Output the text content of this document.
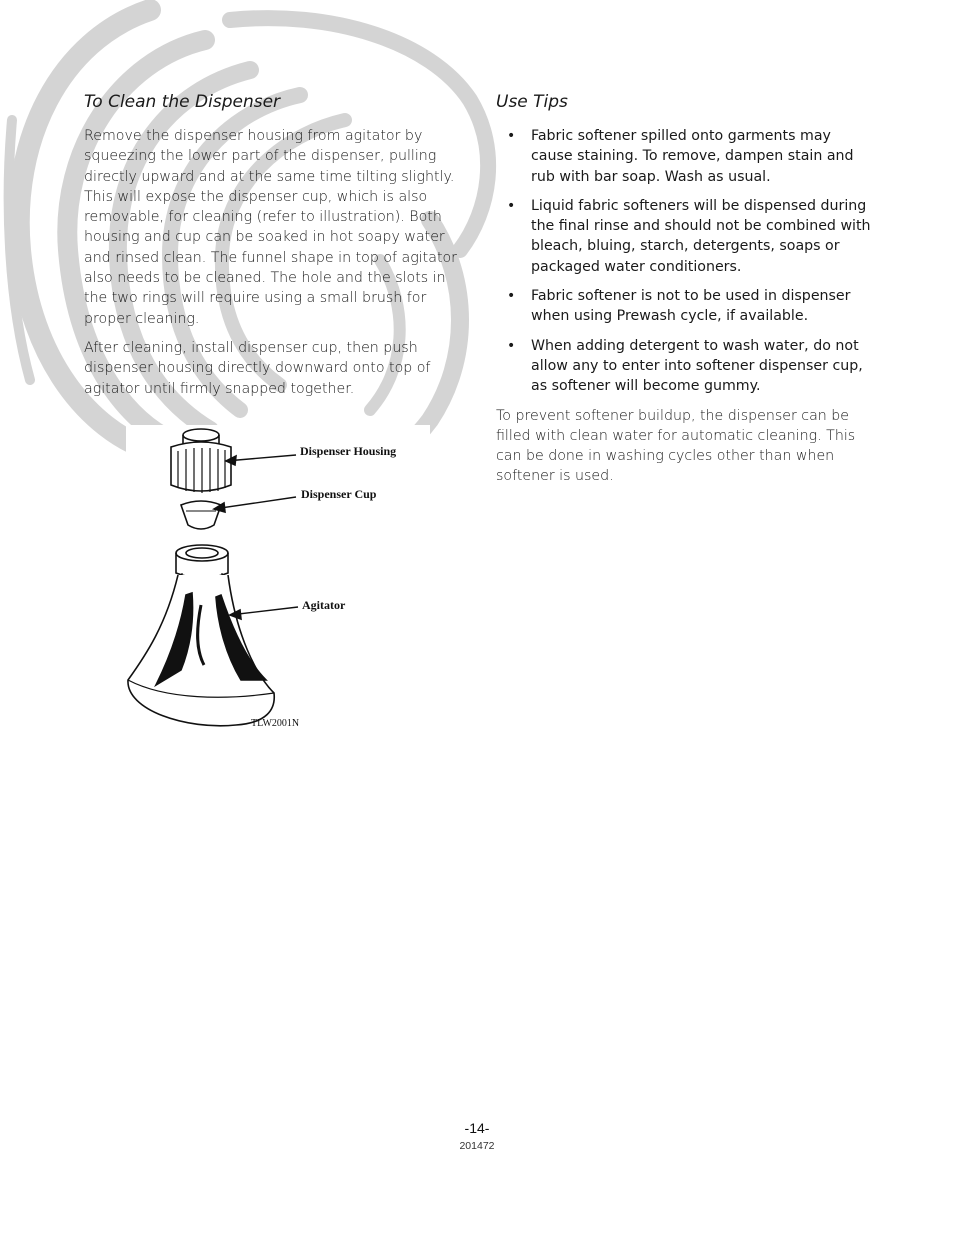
To Clean the Dispenser

Remove the dispenser housing from agitator by squeezing the lower part of the dispenser, pulling directly upward and at the same time tilting slightly. This will expose the dispenser cup, which is also removable, for cleaning (refer to illustration). Both housing and cup can be soaked in hot soapy water and rinsed clean. The funnel shape in top of agitator also needs to be cleaned. The hole and the slots in the two rings will require using a small brush for proper cleaning.

After cleaning, install dispenser cup, then push dispenser housing directly downward onto top of agitator until firmly snapped together.

Dispenser Housing
Dispenser Cup
Agitator
TLW2001N
Use Tips
• Fabric softener spilled onto garments may cause staining. To remove, dampen stain and rub with bar soap. Wash as usual.
• Liquid fabric softeners will be dispensed during the final rinse and should not be combined with bleach, bluing, starch, detergents, soaps or packaged water conditioners.
• Fabric softener is not to be used in dispenser when using Prewash cycle, if available.
• When adding detergent to wash water, do not allow any to enter into softener dispenser cup, as softener will become gummy.

To prevent softener buildup, the dispenser can be filled with clean water for automatic cleaning. This can be done in washing cycles other than when softener is used.

-14-
201472
